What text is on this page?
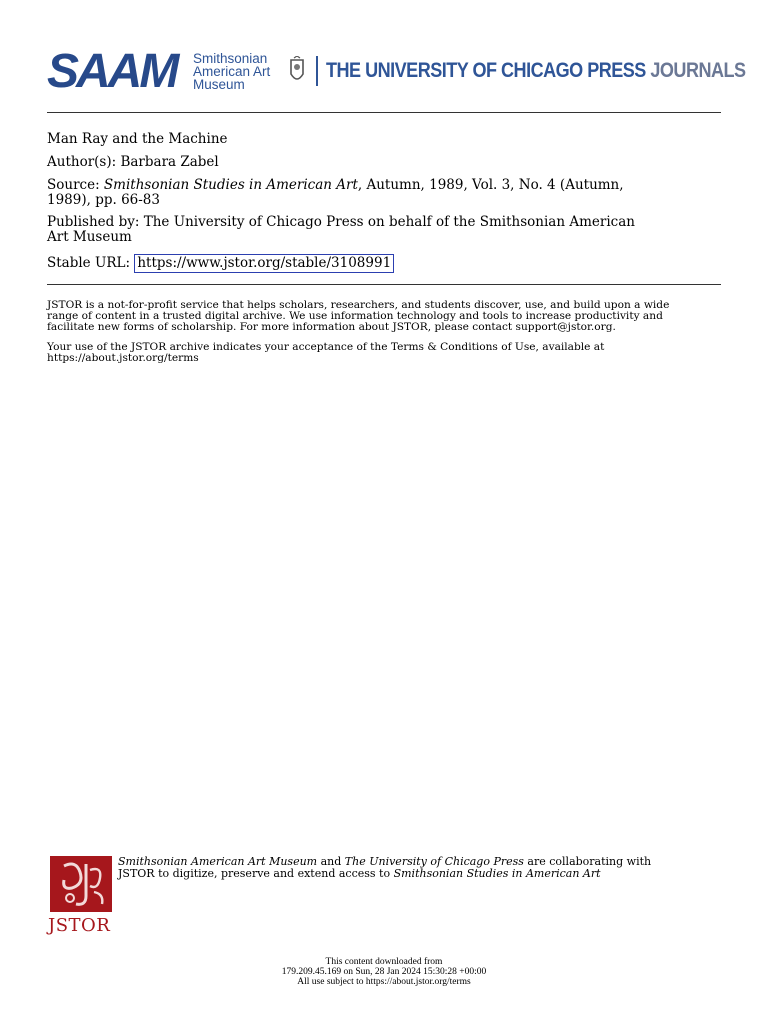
SAAM Smithsonian
American Art
Museum
THE UNIVERSITY OF CHICAGO PRESS JOURNALS
Man Ray and the Machine
Author(s): Barbara Zabel
Source: Smithsonian Studies in American Art, Autumn, 1989, Vol. 3, No. 4 (Autumn,
1989), pp. 66-83
Published by: The University of Chicago Press on behalf of the Smithsonian American
Art Museum
Stable URL: https://www.jstor.org/stable/3108991
JSTOR is a not-for-profit service that helps scholars, researchers, and students discover, use, and build upon a wide
range of content in a trusted digital archive. We use information technology and tools to increase productivity and
facilitate new forms of scholarship. For more information about JSTOR, please contact support@jstor.org.
Your use of the JSTOR archive indicates your acceptance of the Terms & Conditions of Use, available at
https://about.jstor.org/terms
JSTOR
Smithsonian American Art Museum and The University of Chicago Press are collaborating with
JSTOR to digitize, preserve and extend access to Smithsonian Studies in American Art
This content downloaded from
179.209.45.169 on Sun, 28 Jan 2024 15:30:28 +00:00
All use subject to https://about.jstor.org/terms
